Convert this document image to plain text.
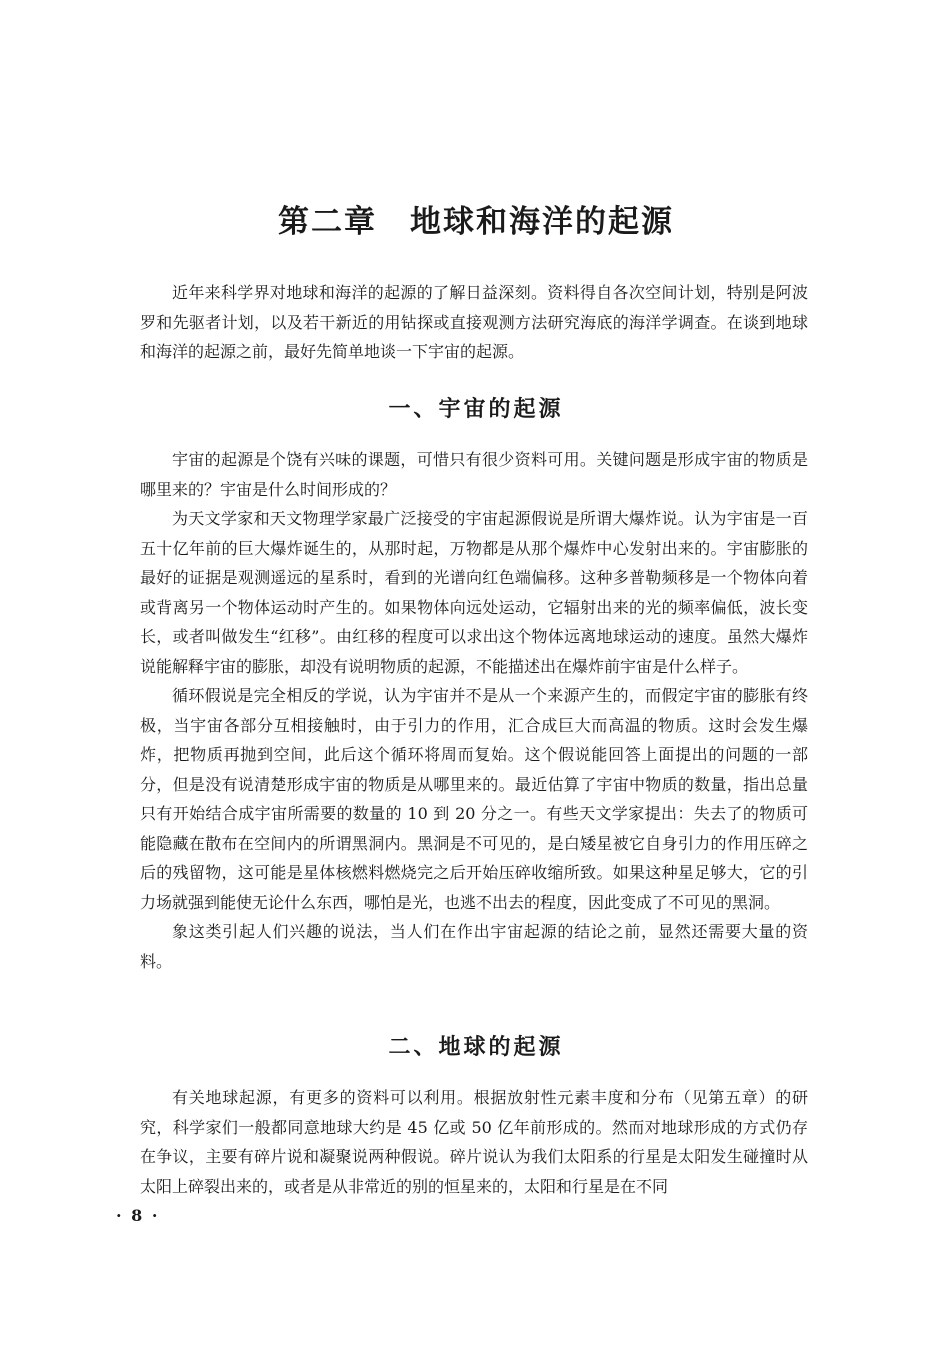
第二章　地球和海洋的起源

近年来科学界对地球和海洋的起源的了解日益深刻。资料得自各次空间计划，特别是阿波罗和先驱者计划，以及若干新近的用钻探或直接观测方法研究海底的海洋学调查。在谈到地球和海洋的起源之前，最好先简单地谈一下宇宙的起源。

一、宇宙的起源

宇宙的起源是个饶有兴味的课题，可惜只有很少资料可用。关键问题是形成宇宙的物质是哪里来的？宇宙是什么时间形成的？

为天文学家和天文物理学家最广泛接受的宇宙起源假说是所谓大爆炸说。认为宇宙是一百五十亿年前的巨大爆炸诞生的，从那时起，万物都是从那个爆炸中心发射出来的。宇宙膨胀的最好的证据是观测遥远的星系时，看到的光谱向红色端偏移。这种多普勒频移是一个物体向着或背离另一个物体运动时产生的。如果物体向远处运动，它辐射出来的光的频率偏低，波长变长，或者叫做发生“红移”。由红移的程度可以求出这个物体远离地球运动的速度。虽然大爆炸说能解释宇宙的膨胀，却没有说明物质的起源，不能描述出在爆炸前宇宙是什么样子。

循环假说是完全相反的学说，认为宇宙并不是从一个来源产生的，而假定宇宙的膨胀有终极，当宇宙各部分互相接触时，由于引力的作用，汇合成巨大而高温的物质。这时会发生爆炸，把物质再抛到空间，此后这个循环将周而复始。这个假说能回答上面提出的问题的一部分，但是没有说清楚形成宇宙的物质是从哪里来的。最近估算了宇宙中物质的数量，指出总量只有开始结合成宇宙所需要的数量的 10 到 20 分之一。有些天文学家提出：失去了的物质可能隐藏在散布在空间内的所谓黑洞内。黑洞是不可见的，是白矮星被它自身引力的作用压碎之后的残留物，这可能是星体核燃料燃烧完之后开始压碎收缩所致。如果这种星足够大，它的引力场就强到能使无论什么东西，哪怕是光，也逃不出去的程度，因此变成了不可见的黑洞。

象这类引起人们兴趣的说法，当人们在作出宇宙起源的结论之前，显然还需要大量的资料。

二、地球的起源

有关地球起源，有更多的资料可以利用。根据放射性元素丰度和分布（见第五章）的研究，科学家们一般都同意地球大约是 45 亿或 50 亿年前形成的。然而对地球形成的方式仍存在争议，主要有碎片说和凝聚说两种假说。碎片说认为我们太阳系的行星是太阳发生碰撞时从太阳上碎裂出来的，或者是从非常近的别的恒星来的，太阳和行星是在不同

· 8 ·
